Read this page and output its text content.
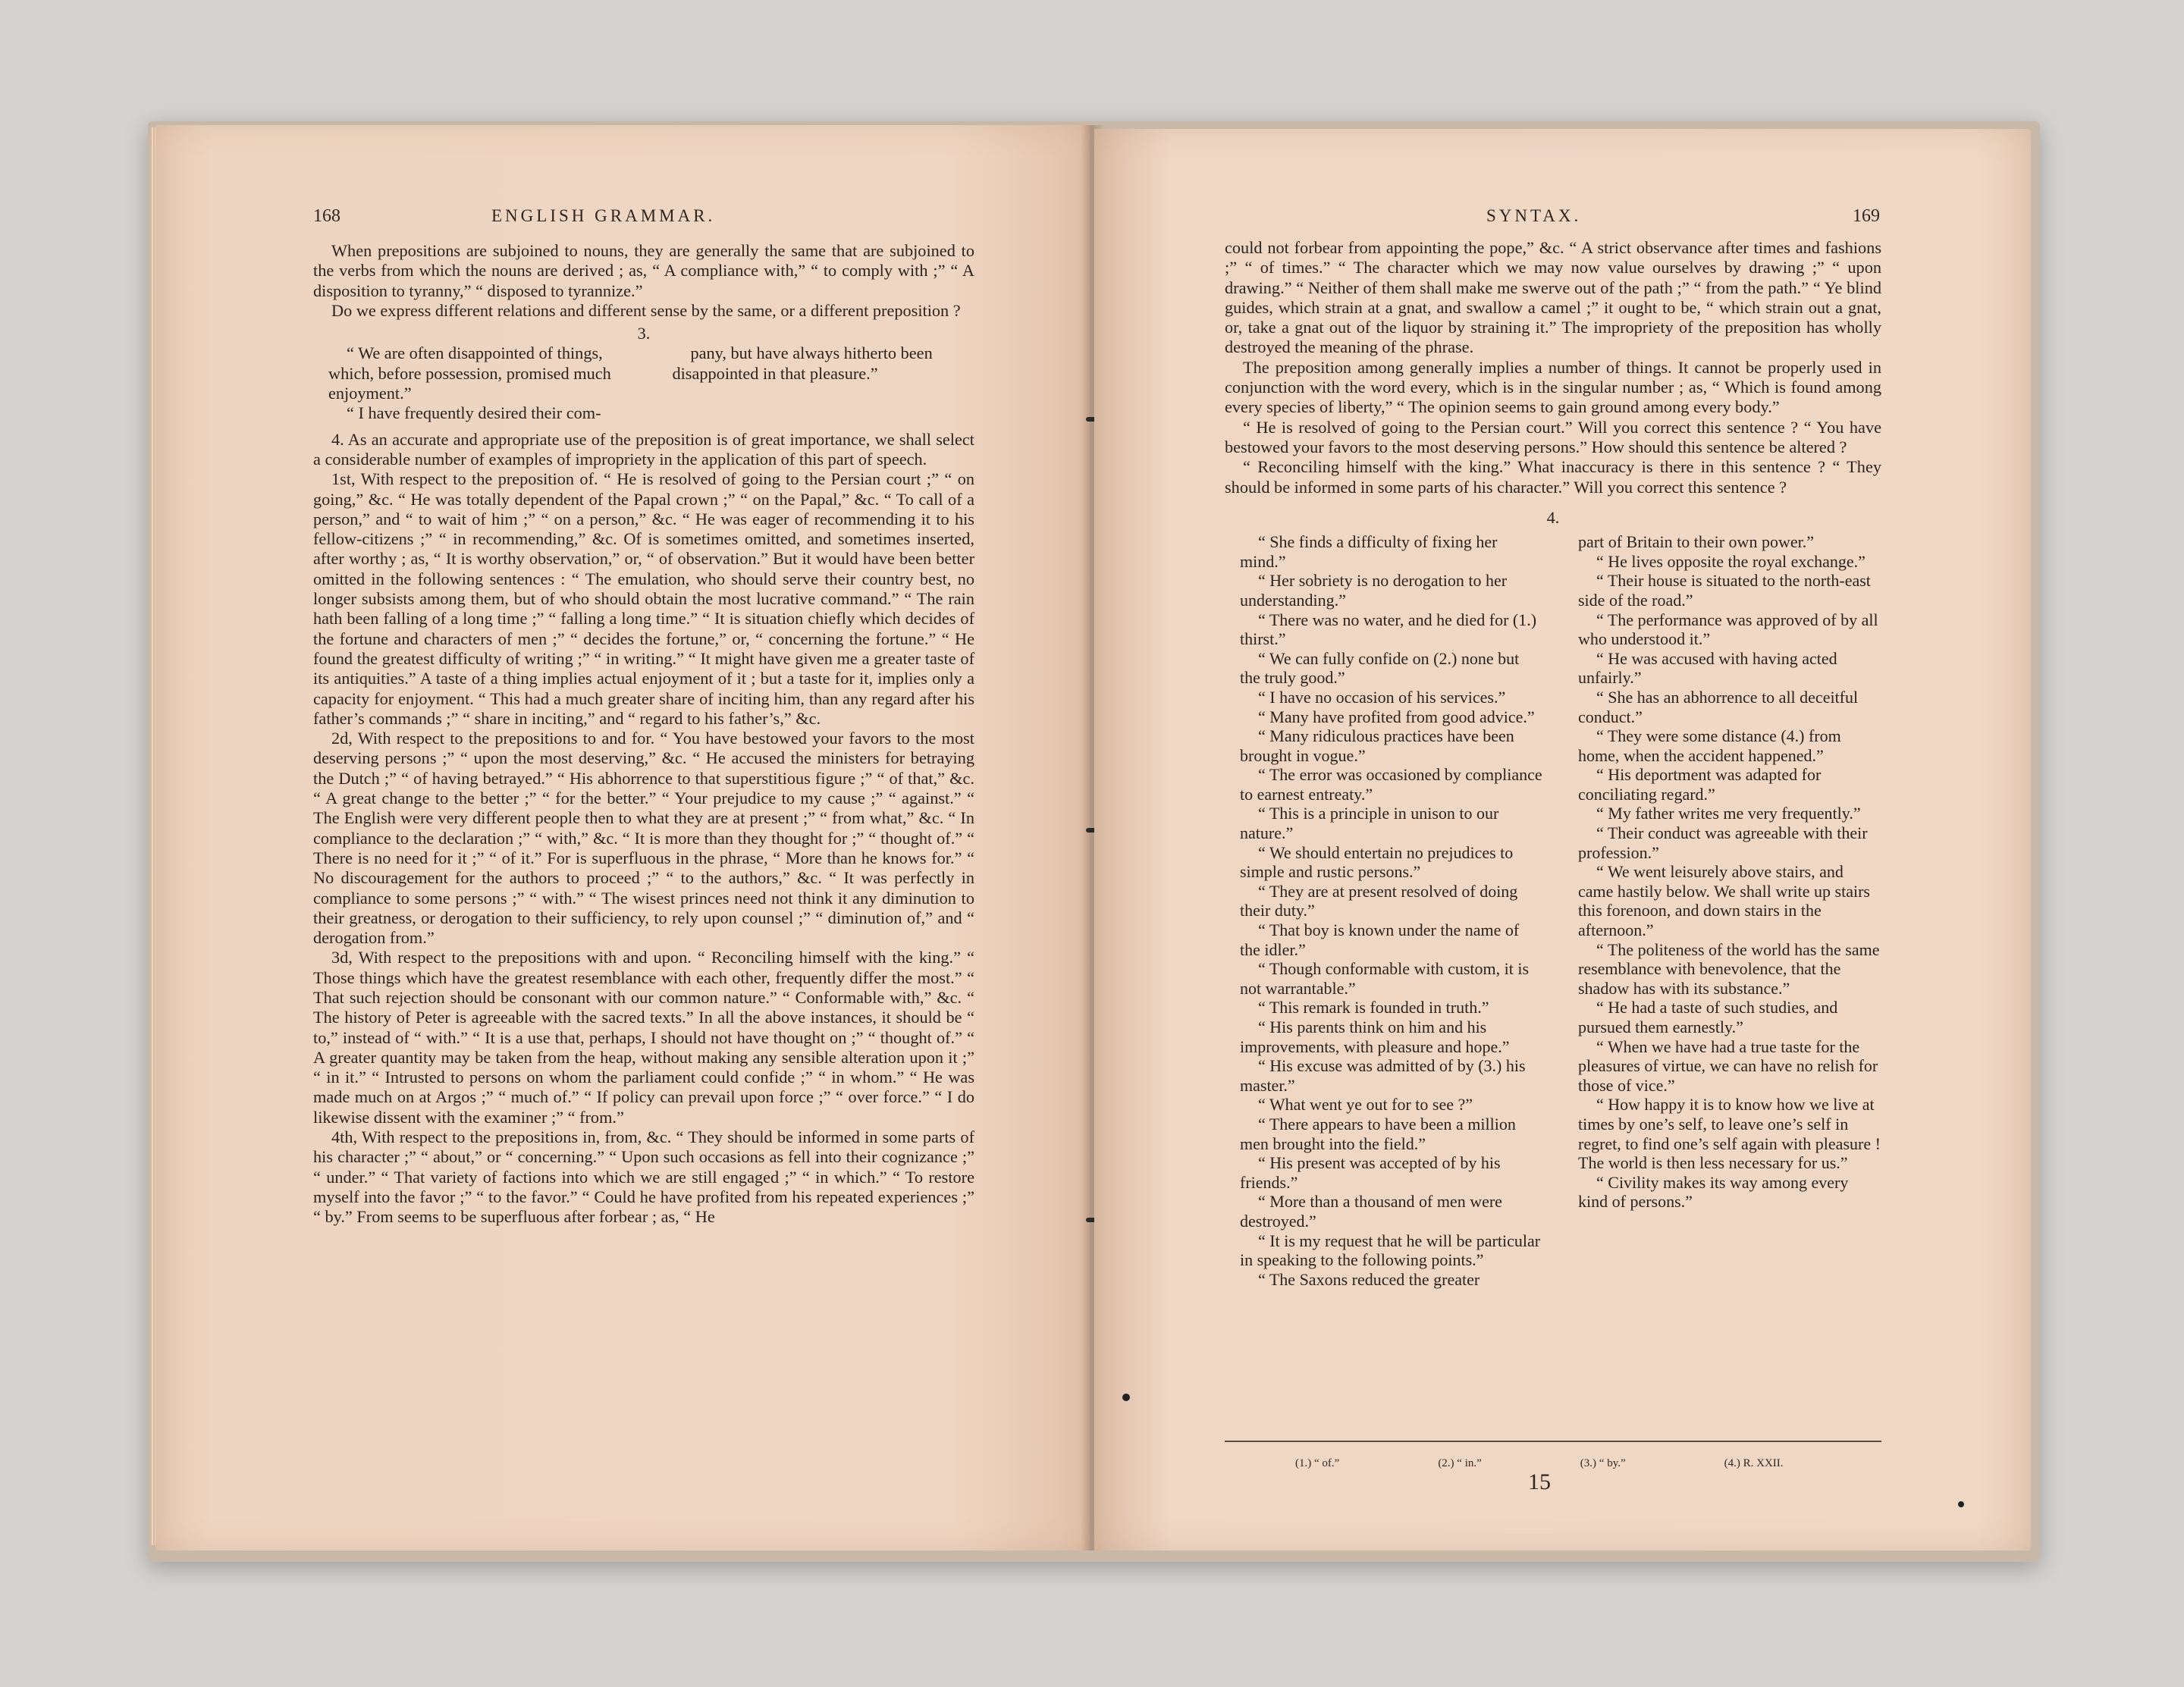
168	ENGLISH GRAMMAR.

When prepositions are subjoined to nouns, they are generally the same that are subjoined to the verbs from which the nouns are derived ; as, “ A compliance with,” “ to comply with ;” “ A disposition to tyranny,” “ disposed to tyrannize.”

Do we express different relations and different sense by the same, or a different preposition ?

3.

“ We are often disappointed of things, which, before possession, promised much enjoyment.”

“ I have frequently desired their com-

pany, but have always hitherto been disappointed in that pleasure.”

4. As an accurate and appropriate use of the preposition is of great importance, we shall select a considerable number of examples of impropriety in the application of this part of speech.

1st, With respect to the preposition of. “ He is resolved of going to the Persian court ;” “ on going,” &c. “ He was totally dependent of the Papal crown ;” “ on the Papal,” &c. “ To call of a person,” and “ to wait of him ;” “ on a person,” &c. “ He was eager of recommending it to his fellow-citizens ;” “ in recommending,” &c. Of is sometimes omitted, and sometimes inserted, after worthy ; as, “ It is worthy observation,” or, “ of observation.” But it would have been better omitted in the following sentences : “ The emulation, who should serve their country best, no longer subsists among them, but of who should obtain the most lucrative command.” “ The rain hath been falling of a long time ;” “ falling a long time.” “ It is situation chiefly which decides of the fortune and characters of men ;” “ decides the fortune,” or, “ concerning the fortune.” “ He found the greatest difficulty of writing ;” “ in writing.” “ It might have given me a greater taste of its antiquities.” A taste of a thing implies actual enjoyment of it ; but a taste for it, implies only a capacity for enjoyment. “ This had a much greater share of inciting him, than any regard after his father’s commands ;” “ share in inciting,” and “ regard to his father’s,” &c.

2d, With respect to the prepositions to and for. “ You have bestowed your favors to the most deserving persons ;” “ upon the most deserving,” &c. “ He accused the ministers for betraying the Dutch ;” “ of having betrayed.” “ His abhorrence to that superstitious figure ;” “ of that,” &c. “ A great change to the better ;” “ for the better.” “ Your prejudice to my cause ;” “ against.” “ The English were very different people then to what they are at present ;” “ from what,” &c. “ In compliance to the declaration ;” “ with,” &c. “ It is more than they thought for ;” “ thought of.” “ There is no need for it ;” “ of it.” For is superfluous in the phrase, “ More than he knows for.” “ No discouragement for the authors to proceed ;” “ to the authors,” &c. “ It was perfectly in compliance to some persons ;” “ with.” “ The wisest princes need not think it any diminution to their greatness, or derogation to their sufficiency, to rely upon counsel ;” “ diminution of,” and “ derogation from.”

3d, With respect to the prepositions with and upon. “ Reconciling himself with the king.” “ Those things which have the greatest resemblance with each other, frequently differ the most.” “ That such rejection should be consonant with our common nature.” “ Conformable with,” &c. “ The history of Peter is agreeable with the sacred texts.” In all the above instances, it should be “ to,” instead of “ with.” “ It is a use that, perhaps, I should not have thought on ;” “ thought of.” “ A greater quantity may be taken from the heap, without making any sensible alteration upon it ;” “ in it.” “ Intrusted to persons on whom the parliament could confide ;” “ in whom.” “ He was made much on at Argos ;” “ much of.” “ If policy can prevail upon force ;” “ over force.” “ I do likewise dissent with the examiner ;” “ from.”

4th, With respect to the prepositions in, from, &c. “ They should be informed in some parts of his character ;” “ about,” or “ concerning.” “ Upon such occasions as fell into their cognizance ;” “ under.” “ That variety of factions into which we are still engaged ;” “ in which.” “ To restore myself into the favor ;” “ to the favor.” “ Could he have profited from his repeated experiences ;” “ by.” From seems to be superfluous after forbear ; as, “ He

SYNTAX.	169

could not forbear from appointing the pope,” &c. “ A strict observance after times and fashions ;” “ of times.” “ The character which we may now value ourselves by drawing ;” “ upon drawing.” “ Neither of them shall make me swerve out of the path ;” “ from the path.” “ Ye blind guides, which strain at a gnat, and swallow a camel ;” it ought to be, “ which strain out a gnat, or, take a gnat out of the liquor by straining it.” The impropriety of the preposition has wholly destroyed the meaning of the phrase.

The preposition among generally implies a number of things. It cannot be properly used in conjunction with the word every, which is in the singular number ; as, “ Which is found among every species of liberty,” “ The opinion seems to gain ground among every body.”

“ He is resolved of going to the Persian court.” Will you correct this sentence ? “ You have bestowed your favors to the most deserving persons.” How should this sentence be altered ?

“ Reconciling himself with the king.” What inaccuracy is there in this sentence ? “ They should be informed in some parts of his character.” Will you correct this sentence ?

4.

“ She finds a difficulty of fixing her mind.”

“ Her sobriety is no derogation to her understanding.”

“ There was no water, and he died for (1.) thirst.”

“ We can fully confide on (2.) none but the truly good.”

“ I have no occasion of his services.”

“ Many have profited from good advice.”

“ Many ridiculous practices have been brought in vogue.”

“ The error was occasioned by compliance to earnest entreaty.”

“ This is a principle in unison to our nature.”

“ We should entertain no prejudices to simple and rustic persons.”

“ They are at present resolved of doing their duty.”

“ That boy is known under the name of the idler.”

“ Though conformable with custom, it is not warrantable.”

“ This remark is founded in truth.”

“ His parents think on him and his improvements, with pleasure and hope.”

“ His excuse was admitted of by (3.) his master.”

“ What went ye out for to see ?”

“ There appears to have been a million men brought into the field.”

“ His present was accepted of by his friends.”

“ More than a thousand of men were destroyed.”

“ It is my request that he will be particular in speaking to the following points.”

“ The Saxons reduced the greater

part of Britain to their own power.”

“ He lives opposite the royal exchange.”

“ Their house is situated to the north-east side of the road.”

“ The performance was approved of by all who understood it.”

“ He was accused with having acted unfairly.”

“ She has an abhorrence to all deceitful conduct.”

“ They were some distance (4.) from home, when the accident happened.”

“ His deportment was adapted for conciliating regard.”

“ My father writes me very frequently.”

“ Their conduct was agreeable with their profession.”

“ We went leisurely above stairs, and came hastily below. We shall write up stairs this forenoon, and down stairs in the afternoon.”

“ The politeness of the world has the same resemblance with benevolence, that the shadow has with its substance.”

“ He had a taste of such studies, and pursued them earnestly.”

“ When we have had a true taste for the pleasures of virtue, we can have no relish for those of vice.”

“ How happy it is to know how we live at times by one’s self, to leave one’s self in regret, to find one’s self again with pleasure ! The world is then less necessary for us.”

“ Civility makes its way among every kind of persons.”

(1.) “ of.”	(2.) “ in.”	(3.) “ by.”	(4.) R. XXII.
15
